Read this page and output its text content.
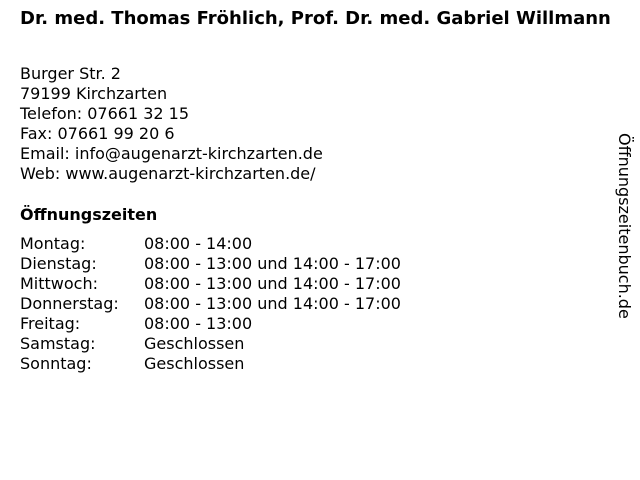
Dr. med. Thomas Fröhlich, Prof. Dr. med. Gabriel Willmann
Burger Str. 2
79199 Kirchzarten
Telefon: 07661 32 15
Fax: 07661 99 20 6
Email: info@augenarzt-kirchzarten.de
Web: www.augenarzt-kirchzarten.de/
Öffnungszeiten
Montag:	08:00 - 14:00
Dienstag:	08:00 - 13:00 und 14:00 - 17:00
Mittwoch:	08:00 - 13:00 und 14:00 - 17:00
Donnerstag:	08:00 - 13:00 und 14:00 - 17:00
Freitag:	08:00 - 13:00
Samstag:	Geschlossen
Sonntag:	Geschlossen
Öffnungszeitenbuch.de
